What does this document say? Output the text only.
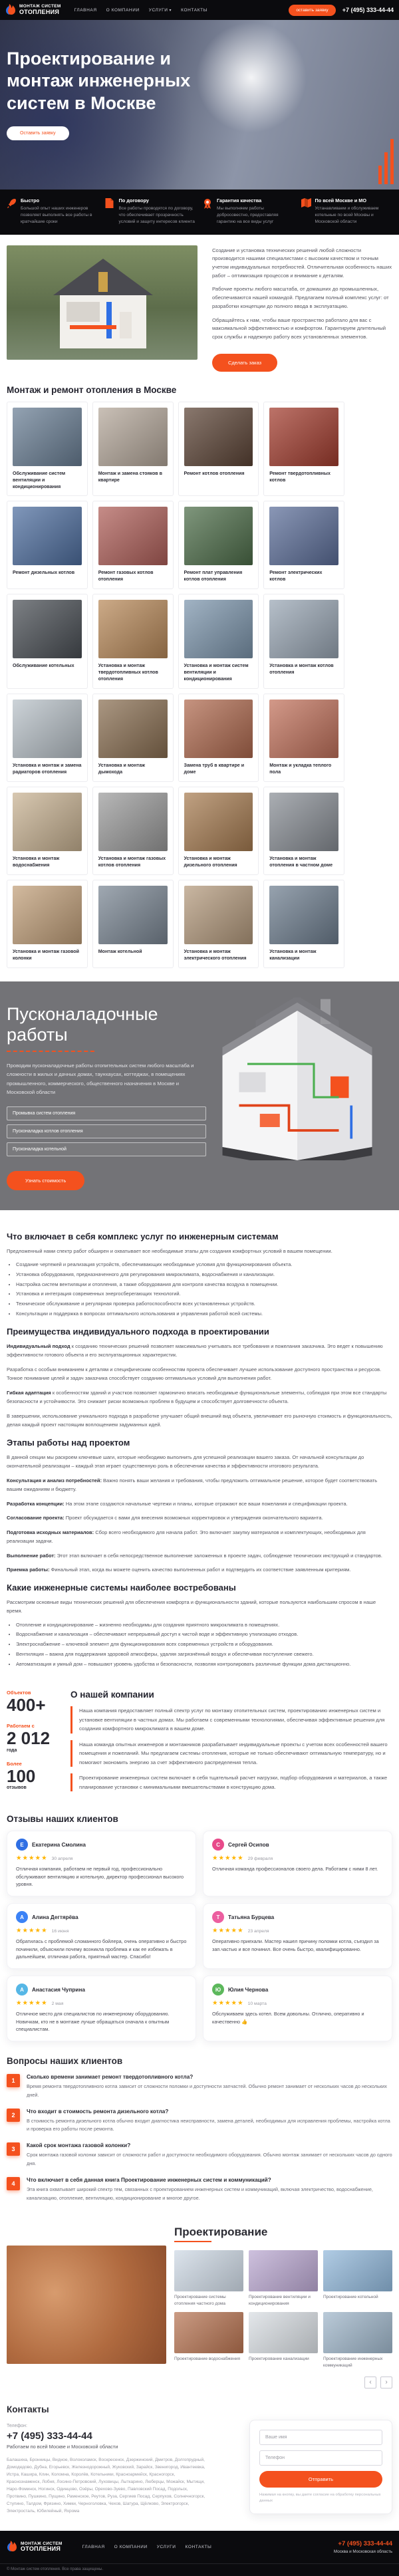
МОНТАЖ СИСТЕМ
ОТОПЛЕНИЯ	ГЛАВНАЯ О КОМПАНИИ УСЛУГИ ▾ КОНТАКТЫ	оставить заявку	+7 (495) 333-44-44
Проектирование и монтаж инженерных систем в Москве
Оставить заявку
Быстро
Большой опыт наших инженеров позволяет выполнять все работы в кратчайшие сроки
По договору
Все работы проводятся по договору, что обеспечивает прозрачность условий и защиту интересов клиента
Гарантия качества
Мы выполняем работы добросовестно, предоставляя гарантию на все виды услуг
По всей Москве и МО
Устанавливаем и обслуживаем котельные по всей Москвы и Московской области

Создание и установка технических решений любой сложности производится нашими специалистами с высоким качеством и точным учетом индивидуальных потребностей. Отличительная особенность наших работ – оптимизация процессов и внимание к деталям.

Рабочие проекты любого масштаба, от домашних до промышленных, обеспечиваются нашей командой. Предлагаем полный комплекс услуг: от разработки концепции до полного ввода в эксплуатацию.

Обращайтесь к нам, чтобы ваше пространство работало для вас с максимальной эффективностью и комфортом. Гарантируем длительный срок службы и надежную работу всех установленных элементов.

Сделать заказ
Монтаж и ремонт отопления в Москве
Обслуживание систем вентиляции и кондиционирования
Монтаж и замена стояков в квартире
Ремонт котлов отопления	Ремонт твердотопливных котлов
Ремонт дизельных котлов	Ремонт газовых котлов отопления
Ремонт плат управления котлов отопления
Ремонт электрических котлов
Обслуживание котельных	Установка и монтаж твердотопливных котлов отопления
Установка и монтаж систем вентиляции и кондиционирования
Установка и монтаж котлов отопления
Установка и монтаж и замена радиаторов отопления
Установка и монтаж дымохода
Замена труб в квартире и доме
Монтаж и укладка теплого пола
Установка и монтаж водоснабжения
Установка и монтаж газовых котлов отопления
Установка и монтаж дизельного отопления
Установка и монтаж отопления в частном доме
Установка и монтаж газовой колонки
Монтаж котельной	Установка и монтаж электрического отопления
Установка и монтаж канализации
Пусконаладочные работы

Проводим пусконаладочные работы отопительных систем любого масштаба и сложности в жилых и дачных домах, таунхаусах, коттеджах, в помещениях промышленного, коммерческого, общественного назначения в Москве и Московской области

Промывка систем отопления
Пусконаладка котлов отопления
Пусконаладка котельной
Узнать стоимость
Что включает в себя комплекс услуг по инженерным системам

Предложенный нами спектр работ обширен и охватывает все необходимые этапы для создания комфортных условий в вашем помещении.

• Создание чертежей и реализация устройств, обеспечивающих необходимые условия для функционирования объекта.
• Установка оборудования, предназначенного для регулирования микроклимата, водоснабжения и канализации.
• Настройка систем вентиляции и отопления, а также оборудования для контроля качества воздуха в помещении.
• Установка и интеграция современных энергосберегающих технологий.
• Техническое обслуживание и регулярная проверка работоспособности всех установленных устройств.
• Консультации и поддержка в вопросах оптимального использования и управления работой всей системы.
Преимущества индивидуального подхода в проектировании

Индивидуальный подход к созданию технических решений позволяет максимально учитывать все требования и пожелания заказчика. Это ведет к повышению эффективности готового объекта и его эксплуатационных характеристик.

Разработка с особым вниманием к деталям и специфическим особенностям проекта обеспечивает лучшее использование доступного пространства и ресурсов. Тонкое понимание целей и задач заказчика способствует созданию оптимальных условий для выполнения работ.

Гибкая адаптация к особенностям зданий и участков позволяет гармонично вписать необходимые функциональные элементы, соблюдая при этом все стандарты безопасности и устойчивости. Это снижает риски возможных проблем в будущем и способствует долговечности объекта.

В завершении, использование уникального подхода в разработке улучшает общий внешний вид объекта, увеличивает его рыночную стоимость и функциональность, делая каждый проект настоящим воплощением задуманных идей.

Этапы работы над проектом

В данной секции мы раскроем ключевые шаги, которые необходимо выполнить для успешной реализации вашего заказа. От начальной консультации до окончательной реализации – каждый этап играет существенную роль в обеспечении качества и эффективности итогового результата.

Консультация и анализ потребностей: Важно понять ваши желания и требования, чтобы предложить оптимальное решение, которое будет соответствовать вашим ожиданиям и бюджету.

Разработка концепции: На этом этапе создаются начальные чертежи и планы, которые отражают все ваши пожелания и спецификации проекта.

Согласование проекта: Проект обсуждается с вами для внесения возможных корректировок и утверждения окончательного варианта.

Подготовка исходных материалов: Сбор всего необходимого для начала работ. Это включает закупку материалов и комплектующих, необходимых для реализации задачи.

Выполнение работ: Этот этап включает в себя непосредственное выполнение заложенных в проекте задач, соблюдение технических инструкций и стандартов.

Приемка работы: Финальный этап, когда вы можете оценить качество выполненных работ и подтвердить их соответствие заявленным критериям.

Какие инженерные системы наиболее востребованы

Рассмотрим основные виды технических решений для обеспечения комфорта и функциональности зданий, которые пользуются наибольшим спросом в наше время.

• Отопление и кондиционирование – жизненно необходимы для создания приятного микроклимата в помещениях.
• Водоснабжение и канализация – обеспечивают непрерывный доступ к чистой воде и эффективную утилизацию отходов.
• Электроснабжение – ключевой элемент для функционирования всех современных устройств и оборудования.
• Вентиляция – важна для поддержания здоровой атмосферы, удаляя загрязнённый воздух и обеспечивая поступление свежего.
• Автоматизация и умный дом – повышают уровень удобства и безопасности, позволяя контролировать различные функции дома дистанционно.
Объектов
400+
Работаем с
2 012
года
Более
100
отзывов
О нашей компании

Наша компания предоставляет полный спектр услуг по монтажу отопительных систем, проектированию инженерных систем и установке вентиляции в частных домах. Мы работаем с современными технологиями, обеспечивая эффективные решения для создания комфортного микроклимата в вашем доме.

Наша команда опытных инженеров и монтажников разрабатывает индивидуальные проекты с учетом всех особенностей вашего помещения и пожеланий. Мы предлагаем системы отопления, которые не только обеспечивают оптимальную температуру, но и помогают экономить энергию за счет эффективного распределения тепла.

Проектирование инженерных систем включает в себя тщательный расчет нагрузки, подбор оборудования и материалов, а также планирование установки с минимальными вмешательствами в конструкцию дома.

Отзывы наших клиентов
Е	Екатерина Смолина
★★★★★ 30 апреля
Отличная компания, работаем не первый год, профессионально обслуживают вентиляцию и котельную, директор профессионал высокого уровня.
С	Сергей Осипов
★★★★★ 29 февраля
Отличная команда профессионалов своего дела. Работаем с ними 8 лет.
А	Алина Дегтярёва
★★★★★ 16 июня
Обратилась с проблемой сломанного бойлера, очень оперативно и быстро починили, объяснили почему возникла проблема и как ее избежать в дальнейшем, отличная работа, приятный мастер. Спасибо!
Т	Татьяна Бурцева
★★★★★ 23 апреля
Оперативно приехали. Мастер нашел причину поломки котла, съездил за зап.частью и все починил. Все очень быстро, квалифицированно.
А	Анастасия Чуприна
★★★★★ 2 мая
Отличное место для специалистов по инженерному оборудованию. Новичкам, кто не в монтаже лучше обращаться сначала к опытным специалистам.
Ю	Юлия Чернова
★★★★★ 10 марта
Обслуживаем здесь котел. Всем довольны. Отлично, оперативно и качественно 👍
Вопросы наших клиентов
1
Сколько времени занимает ремонт твердотопливного котла?
Время ремонта твердотопливного котла зависит от сложности поломки и доступности запчастей. Обычно ремонт занимает от нескольких часов до нескольких дней.
2
Что входит в стоимость ремонта дизельного котла?
В стоимость ремонта дизельного котла обычно входит диагностика неисправности, замена деталей, необходимых для исправления проблемы, настройка котла и проверка его работы после ремонта.
3
Какой срок монтажа газовой колонки?
Срок монтажа газовой колонки зависит от сложности работ и доступности необходимого оборудования. Обычно монтаж занимает от нескольких часов до одного дня.
4
Что включает в себя данная книга Проектирование инженерных систем и коммуникаций?
Эта книга охватывает широкий спектр тем, связанных с проектированием инженерных систем и коммуникаций, включая электричество, водоснабжение, канализацию, отопление, вентиляцию, кондиционирование и многое другое.
Проектирование
Проектирование системы отопления частного дома
Проектирование вентиляции и кондиционирования
Проектирование котельной
Проектирование водоснабжения	Проектирование канализации	Проектирование инженерных коммуникаций
‹	›
Контакты
Телефон:
+7 (495) 333-44-44
Работаем по всей Москве и Московской области
Балашиха, Бронницы, Видное, Волоколамск, Воскресенск, Дзержинский, Дмитров, Долгопрудный, Домодедово, Дубна, Егорьевск, Железнодорожный, Жуковский, Зарайск, Звенигород, Ивантеевка, Истра, Кашира, Клин, Коломна, Королёв, Котельники, Красноармейск, Красногорск, Краснознаменск, Лобня, Лосино-Петровский, Луховицы, Лыткарино, Люберцы, Можайск, Мытищи, Наро-Фоминск, Ногинск, Одинцово, Озёры, Орехово-Зуево, Павловский Посад, Подольск, Протвино, Пушкино, Пущино, Раменское, Реутов, Руза, Сергиев Посад, Серпухов, Солнечногорск, Ступино, Талдом, Фрязино, Химки, Черноголовка, Чехов, Шатура, Щёлково, Электрогорск, Электросталь, Юбилейный, Яхрома
Ваше имя Телефон Отправить
Нажимая на кнопку, вы даете согласие на обработку персональных данных
МОНТАЖ СИСТЕМ
ОТОПЛЕНИЯ	ГЛАВНАЯ О КОМПАНИИ УСЛУГИ КОНТАКТЫ	+7 (495) 333-44-44
Москва и Московская область
© Монтаж систем отопления. Все права защищены.
